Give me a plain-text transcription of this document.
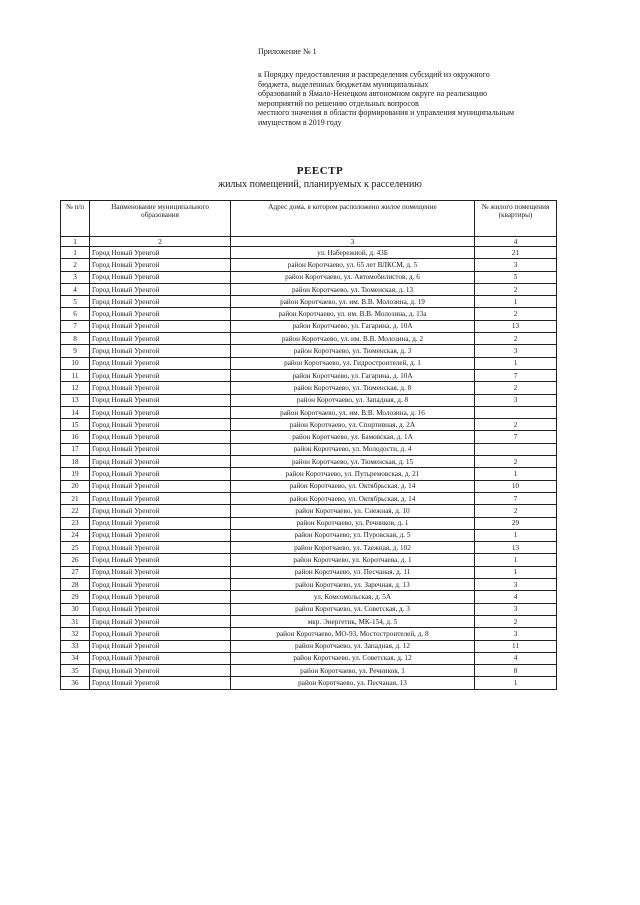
Приложение № 1
к Порядку предоставления и распределения субсидий из окружного
бюджета, выделенных бюджетам муниципальных
образований в Ямало-Ненецком автономном округе на реализацию
мероприятий по решению отдельных вопросов
местного значения в области формирования и управления муниципальным
имуществом в 2019 году
РЕЕСТР
жилых помещений, планируемых к расселению
№ п/п	Наименование муниципального образования	Адрес дома, в котором расположено жилое помещение	№ жилого помещения (квартиры)
1	2	3	4
1	Город Новый Уренгой	ул. Набережной, д. 43Б	21
2	Город Новый Уренгой	район Коротчаево, ул. 65 лет ВЛКСМ, д. 5	3
3	Город Новый Уренгой	район Коротчаево, ул. Автомобилистов, д. 6	5
4	Город Новый Уренгой	район Коротчаево, ул. Тюменская, д. 13	2
5	Город Новый Уренгой	район Коротчаево, ул. им. В.В. Молозина, д. 19	1
6	Город Новый Уренгой	район Коротчаево, ул. им. В.В. Молозина, д. 13а	2
7	Город Новый Уренгой	район Коротчаево, ул. Гагарина, д. 10А	13
8	Город Новый Уренгой	район Коротчаево, ул. им. В.В. Молозина, д. 2	2
9	Город Новый Уренгой	район Коротчаево, ул. Тюменская, д. 3	3
10	Город Новый Уренгой	район Коротчаево, ул. Гидростроителей, д. 1	1
11	Город Новый Уренгой	район Коротчаево, ул. Гагарина, д. 10А	7
12	Город Новый Уренгой	район Коротчаево, ул. Тюменская, д. 8	2
13	Город Новый Уренгой	район Коротчаево, ул. Западная, д. 8	3
14	Город Новый Уренгой	район Коротчаево, ул. им. В.В. Молозина, д. 16	
15	Город Новый Уренгой	район Коротчаево, ул. Спортивная, д. 2А	2
16	Город Новый Уренгой	район Коротчаево, ул. Бамовская, д. 1А	7
17	Город Новый Уренгой	район Коротчаево, ул. Молодости, д. 4	
18	Город Новый Уренгой	район Коротчаево, ул. Тюменская, д. 15	2
19	Город Новый Уренгой	район Коротчаево, ул. Путьремовская, д. 21	1
20	Город Новый Уренгой	район Коротчаево, ул. Октябрьская, д. 14	10
21	Город Новый Уренгой	район Коротчаево, ул. Октябрьская, д. 14	7
22	Город Новый Уренгой	район Коротчаево, ул. Снежная, д. 10	2
23	Город Новый Уренгой	район Коротчаево, ул. Речников, д. 1	29
24	Город Новый Уренгой	район Коротчаево, ул. Пуровская, д. 5	1
25	Город Новый Уренгой	район Коротчаево, ул. Таежная, д. 102	13
26	Город Новый Уренгой	район Коротчаево, ул. Коротчаева, д. 1	1
27	Город Новый Уренгой	район Коротчаево, ул. Песчаная, д. 11	1
28	Город Новый Уренгой	район Коротчаево, ул. Заречная, д. 13	3
29	Город Новый Уренгой	ул. Комсомольская, д. 5А	4
30	Город Новый Уренгой	район Коротчаево, ул. Советская, д. 3	3
31	Город Новый Уренгой	мкр. Энергетик, МК-154, д. 5	2
32	Город Новый Уренгой	район Коротчаево, МО-93, Мостостроителей, д. 8	3
33	Город Новый Уренгой	район Коротчаево, ул. Западная, д. 12	11
34	Город Новый Уренгой	район Коротчаево, ул. Советская, д. 12	4
35	Город Новый Уренгой	район Коротчаево, ул. Речников, 1	8
36	Город Новый Уренгой	район Коротчаево, ул. Песчаная, 13	1
